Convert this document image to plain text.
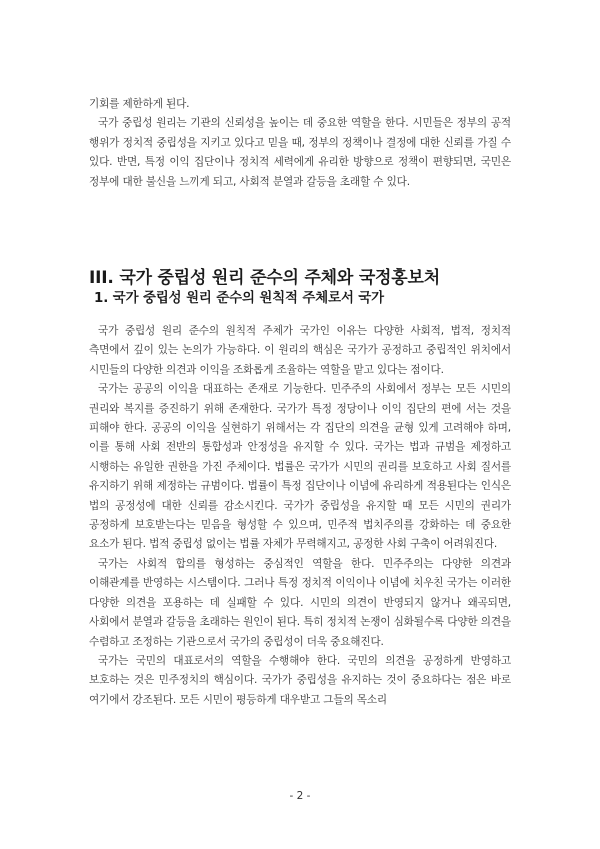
기회를 제한하게 된다.

국가 중립성 원리는 기관의 신뢰성을 높이는 데 중요한 역할을 한다. 시민들은 정부의 공적 행위가 정치적 중립성을 지키고 있다고 믿을 때, 정부의 정책이나 결정에 대한 신뢰를 가질 수 있다. 반면, 특정 이익 집단이나 정치적 세력에게 유리한 방향으로 정책이 편향되면, 국민은 정부에 대한 불신을 느끼게 되고, 사회적 분열과 갈등을 초래할 수 있다.

III. 국가 중립성 원리 준수의 주체와 국정홍보처
1. 국가 중립성 원리 준수의 원칙적 주체로서 국가

국가 중립성 원리 준수의 원칙적 주체가 국가인 이유는 다양한 사회적, 법적, 정치적 측면에서 깊이 있는 논의가 가능하다. 이 원리의 핵심은 국가가 공정하고 중립적인 위치에서 시민들의 다양한 의견과 이익을 조화롭게 조율하는 역할을 맡고 있다는 점이다.

국가는 공공의 이익을 대표하는 존재로 기능한다. 민주주의 사회에서 정부는 모든 시민의 권리와 복지를 증진하기 위해 존재한다. 국가가 특정 정당이나 이익 집단의 편에 서는 것을 피해야 한다. 공공의 이익을 실현하기 위해서는 각 집단의 의견을 균형 있게 고려해야 하며, 이를 통해 사회 전반의 통합성과 안정성을 유지할 수 있다. 국가는 법과 규범을 제정하고 시행하는 유일한 권한을 가진 주체이다. 법률은 국가가 시민의 권리를 보호하고 사회 질서를 유지하기 위해 제정하는 규범이다. 법률이 특정 집단이나 이념에 유리하게 적용된다는 인식은 법의 공정성에 대한 신뢰를 감소시킨다. 국가가 중립성을 유지할 때 모든 시민의 권리가 공정하게 보호받는다는 믿음을 형성할 수 있으며, 민주적 법치주의를 강화하는 데 중요한 요소가 된다. 법적 중립성 없이는 법률 자체가 무력해지고, 공정한 사회 구축이 어려워진다.

국가는 사회적 합의를 형성하는 중심적인 역할을 한다. 민주주의는 다양한 의견과 이해관계를 반영하는 시스템이다. 그러나 특정 정치적 이익이나 이념에 치우친 국가는 이러한 다양한 의견을 포용하는 데 실패할 수 있다. 시민의 의견이 반영되지 않거나 왜곡되면, 사회에서 분열과 갈등을 초래하는 원인이 된다. 특히 정치적 논쟁이 심화될수록 다양한 의견을 수렴하고 조정하는 기관으로서 국가의 중립성이 더욱 중요해진다.

국가는 국민의 대표로서의 역할을 수행해야 한다. 국민의 의견을 공정하게 반영하고 보호하는 것은 민주정치의 핵심이다. 국가가 중립성을 유지하는 것이 중요하다는 점은 바로 여기에서 강조된다. 모든 시민이 평등하게 대우받고 그들의 목소리

- 2 -
